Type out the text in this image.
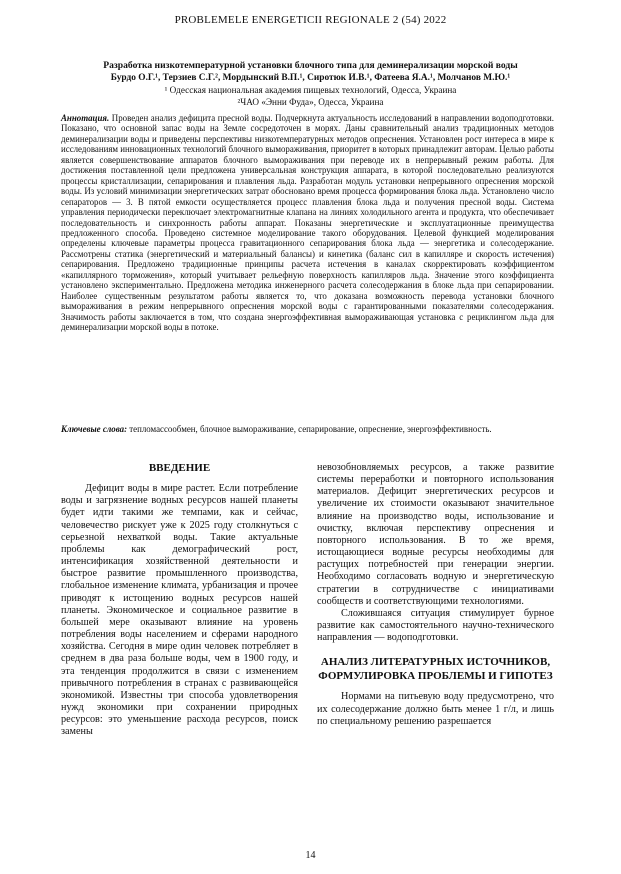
PROBLEMELE ENERGETICII REGIONALE 2 (54) 2022
Разработка низкотемпературной установки блочного типа для деминерализации морской воды
Бурдо О.Г.¹, Терзиев С.Г.², Мордынский В.П.¹, Сиротюк И.В.¹, Фатеева Я.А.¹, Молчанов М.Ю.¹
¹ Одесская национальная академия пищевых технологий, Одесса, Украина
²ЧАО «Энни Фуда», Одесса, Украина
Аннотация. Проведен анализ дефицита пресной воды. Подчеркнута актуальность исследований в направлении водоподготовки. Показано, что основной запас воды на Земле сосредоточен в морях. Даны сравнительный анализ традиционных методов деминерализации воды и приведены перспективы низкотемпературных методов опреснения. Установлен рост интереса в мире к исследованиям инновационных технологий блочного вымораживания, приоритет в которых принадлежит авторам. Целью работы является совершенствование аппаратов блочного вымораживания при переводе их в непрерывный режим работы. Для достижения поставленной цели предложена универсальная конструкция аппарата, в которой последовательно реализуются процессы кристаллизации, сепарирования и плавления льда. Разработан модуль установки непрерывного опреснения морской воды. Из условий минимизации энергетических затрат обосновано время процесса формирования блока льда. Установлено число сепараторов — 3. В пятой емкости осуществляется процесс плавления блока льда и получения пресной воды. Система управления периодически переключает электромагнитные клапана на линиях холодильного агента и продукта, что обеспечивает последовательность и синхронность работы аппарат. Показаны энергетические и эксплуатационные преимущества предложенного способа. Проведено системное моделирование такого оборудования. Целевой функцией моделирования определены ключевые параметры процесса гравитационного сепарирования блока льда — энергетика и солесодержание. Рассмотрены статика (энергетический и материальный балансы) и кинетика (баланс сил в капилляре и скорость истечения) сепарирования. Предложено традиционные принципы расчета истечения в каналах скорректировать коэффициентом «капиллярного торможения», который учитывает рельефную поверхность капилляров льда. Значение этого коэффициента установлено экспериментально. Предложена методика инженерного расчета солесодержания в блоке льда при сепарировании. Наиболее существенным результатом работы является то, что доказана возможность перевода установки блочного вымораживания в режим непрерывного опреснения морской воды с гарантированными показателями солесодержания. Значимость работы заключается в том, что создана энергоэффективная вымораживающая установка с рециклингом льда для деминерализации морской воды в потоке.
Ключевые слова: тепломассообмен, блочное вымораживание, сепарирование, опреснение, энергоэффективность.
ВВЕДЕНИЕ

Дефицит воды в мире растет. Если потребление воды и загрязнение водных ресурсов нашей планеты будет идти такими же темпами, как и сейчас, человечество рискует уже к 2025 году столкнуться с серьезной нехваткой воды. Такие актуальные проблемы как демографический рост, интенсификация хозяйственной деятельности и быстрое развитие промышленного производства, глобальное изменение климата, урбанизация и прочее приводят к истощению водных ресурсов нашей планеты. Экономическое и социальное развитие в большей мере оказывают влияние на уровень потребления воды населением и сферами народного хозяйства. Сегодня в мире один человек потребляет в среднем в два раза больше воды, чем в 1900 году, и эта тенденция продолжится в связи с изменением привычного потребления в странах с развивающейся экономикой. Известны три способа удовлетворения нужд экономики при сохранении природных ресурсов: это уменьшение расхода ресурсов, поиск замены

невозобновляемых ресурсов, а также развитие системы переработки и повторного использования материалов. Дефицит энергетических ресурсов и увеличение их стоимости оказывают значительное влияние на производство воды, использование и очистку, включая перспективу опреснения и повторного использования. В то же время, истощающиеся водные ресурсы необходимы для растущих потребностей при генерации энергии. Необходимо согласовать водную и энергетическую стратегии в сотрудничестве с инициативами сообществ и соответствующими технологиями.

Сложившаяся ситуация стимулирует бурное развитие как самостоятельного научно-технического направления — водоподготовки.

АНАЛИЗ ЛИТЕРАТУРНЫХ ИСТОЧНИКОВ, ФОРМУЛИРОВКА ПРОБЛЕМЫ И ГИПОТЕЗ

Нормами на питьевую воду предусмотрено, что их солесодержание должно быть менее 1 г/л, и лишь по специальному решению разрешается

14
